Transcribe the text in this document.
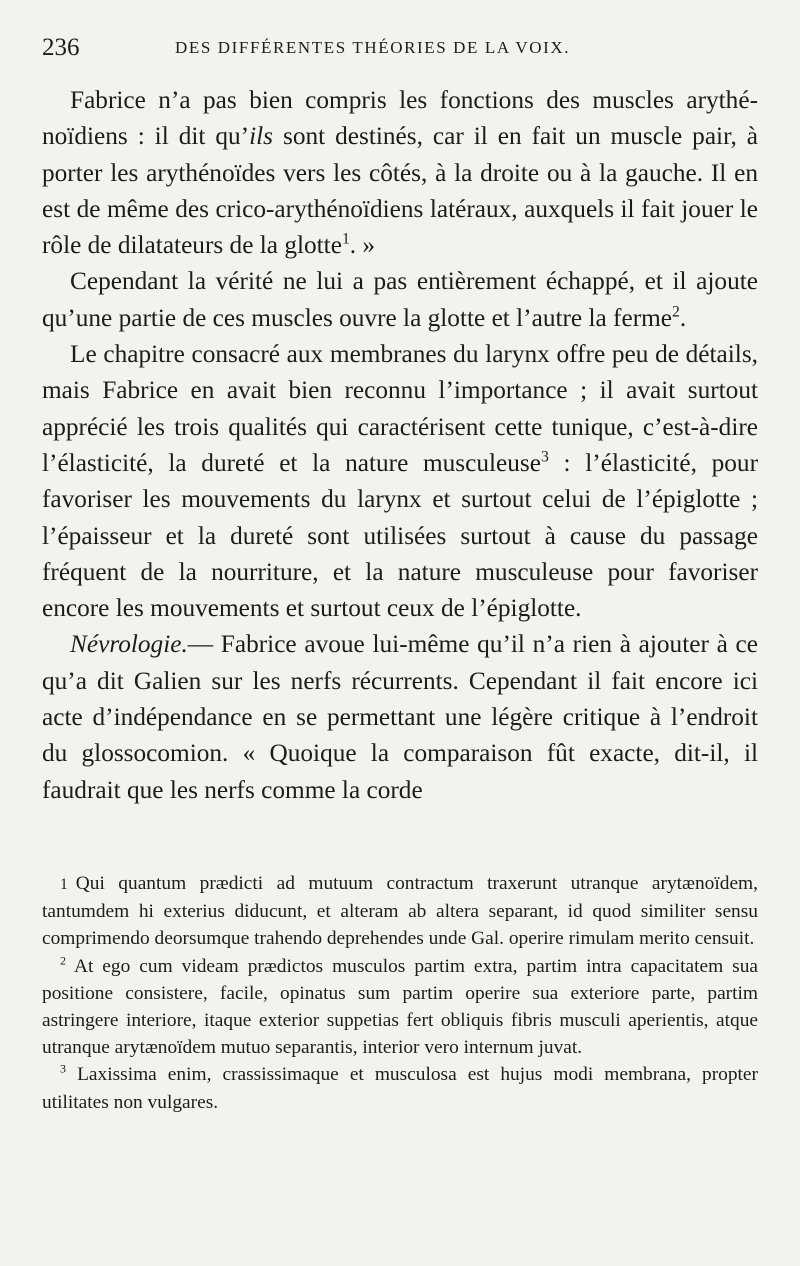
236	DES DIFFÉRENTES THÉORIES DE LA VOIX.

Fabrice n’a pas bien compris les fonctions des muscles arythénoïdiens : il dit qu’ils sont destinés, car il en fait un muscle pair, à porter les arythénoïdes vers les côtés, à la droite ou à la gauche. Il en est de même des crico-arythénoïdiens latéraux, auxquels il fait jouer le rôle de dilatateurs de la glotte$^1$. »

Cependant la vérité ne lui a pas entièrement échappé, et il ajoute qu’une partie de ces muscles ouvre la glotte et l’autre la ferme$^2$.

Le chapitre consacré aux membranes du larynx offre peu de détails, mais Fabrice en avait bien reconnu l’importance ; il avait surtout apprécié les trois qualités qui caractérisent cette tunique, c’est-à-dire l’élasticité, la dureté et la nature musculeuse$^3$ : l’élasticité, pour favoriser les mouvements du larynx et surtout celui de l’épiglotte ; l’épaisseur et la dureté sont utilisées surtout à cause du passage fréquent de la nourriture, et la nature musculeuse pour favoriser encore les mouvements et surtout ceux de l’épiglotte.

Névrologie.— Fabrice avoue lui-même qu’il n’a rien à ajouter à ce qu’a dit Galien sur les nerfs récurrents. Cependant il fait encore ici acte d’indépendance en se permettant une légère critique à l’endroit du glossocomion. « Quoique la comparaison fût exacte, dit-il, il faudrait que les nerfs comme la corde

1 Qui quantum prædicti ad mutuum contractum traxerunt utranque arytænoïdem, tantumdem hi exterius diducunt, et alteram ab altera separant, id quod similiter sensu comprimendo deorsumque trahendo deprehendes unde Gal. operire rimulam merito censuit.

$^2$ At ego cum videam prædictos musculos partim extra, partim intra capacitatem sua positione consistere, facile, opinatus sum partim operire sua exteriore parte, partim astringere interiore, itaque exterior suppetias fert obliquis fibris musculi aperientis, atque utranque arytænoïdem mutuo separantis, interior vero internum juvat.

$^3$ Laxissima enim, crassissimaque et musculosa est hujus modi membrana, propter utilitates non vulgares.
